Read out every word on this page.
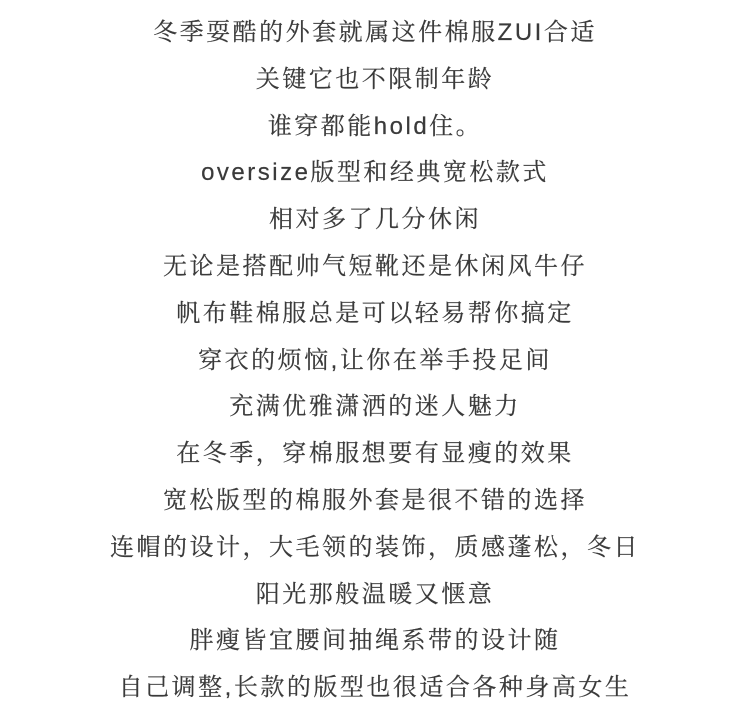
冬季耍酷的外套就属这件棉服ZUI合适
关键它也不限制年龄
谁穿都能hold住。
oversize版型和经典宽松款式
相对多了几分休闲
无论是搭配帅气短靴还是休闲风牛仔
帆布鞋棉服总是可以轻易帮你搞定
穿衣的烦恼,让你在举手投足间
充满优雅潇洒的迷人魅力
在冬季，穿棉服想要有显瘦的效果
宽松版型的棉服外套是很不错的选择
连帽的设计，大毛领的装饰，质感蓬松，冬日
阳光那般温暖又惬意
胖瘦皆宜腰间抽绳系带的设计随
自己调整,长款的版型也很适合各种身高女生
